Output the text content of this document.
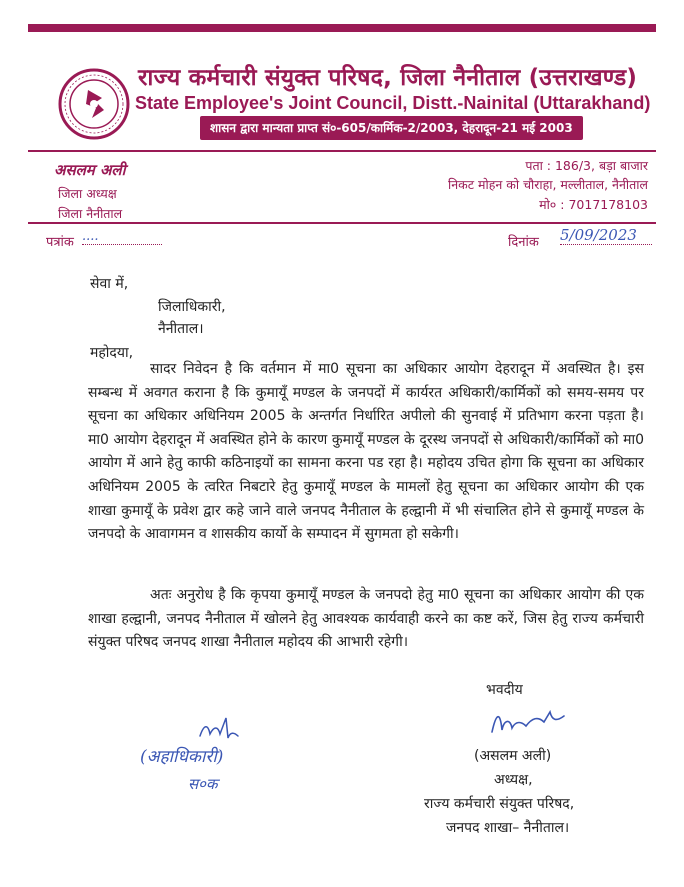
राज्य कर्मचारी संयुक्त परिषद, जिला नैनीताल (उत्तराखण्ड)
State Employee's Joint Council, Distt.-Nainital (Uttarakhand)
शासन द्वारा मान्यता प्राप्त सं०-605/कार्मिक-2/2003, देहरादून-21 मई 2003
असलम अली
जिला अध्यक्ष
जिला नैनीताल
पता : 186/3, बड़ा बाजार
निकट मोहन को चौराहा, मल्लीताल, नैनीताल
मो० : 7017178103
पत्रांक ....	दिनांक 5/09/2023
सेवा में,
जिलाधिकारी,
नैनीताल।
महोदया,
सादर निवेदन है कि वर्तमान में मा0 सूचना का अधिकार आयोग देहरादून में अवस्थित है। इस सम्बन्ध में अवगत कराना है कि कुमायूँ मण्डल के जनपदों में कार्यरत अधिकारी/कार्मिकों को समय-समय पर सूचना का अधिकार अधिनियम 2005 के अन्तर्गत निर्धारित अपीलो की सुनवाई में प्रतिभाग करना पड़ता है। मा0 आयोग देहरादून में अवस्थित होने के कारण कुमायूँ मण्डल के दूरस्थ जनपदों से अधिकारी/कार्मिकों को मा0 आयोग में आने हेतु काफी कठिनाइयों का सामना करना पड रहा है। महोदय उचित होगा कि सूचना का अधिकार अधिनियम 2005 के त्वरित निबटारे हेतु कुमायूँ मण्डल के मामलों हेतु सूचना का अधिकार आयोग की एक शाखा कुमायूँ के प्रवेश द्वार कहे जाने वाले जनपद नैनीताल के हल्द्वानी में भी संचालित होने से कुमायूँ मण्डल के जनपदो के आवागमन व शासकीय कार्यो के सम्पादन में सुगमता हो सकेगी।
अतः अनुरोध है कि कृपया कुमायूँ मण्डल के जनपदो हेतु मा0 सूचना का अधिकार आयोग की एक शाखा हल्द्वानी, जनपद नैनीताल में खोलने हेतु आवश्यक कार्यवाही करने का कष्ट करें, जिस हेतु राज्य कर्मचारी संयुक्त परिषद जनपद शाखा नैनीताल महोदय की आभारी रहेगी।
भवदीय
(असलम अली)
अध्यक्ष,
राज्य कर्मचारी संयुक्त परिषद,
जनपद शाखा– नैनीताल।
(अहाधिकारी)
स०क
